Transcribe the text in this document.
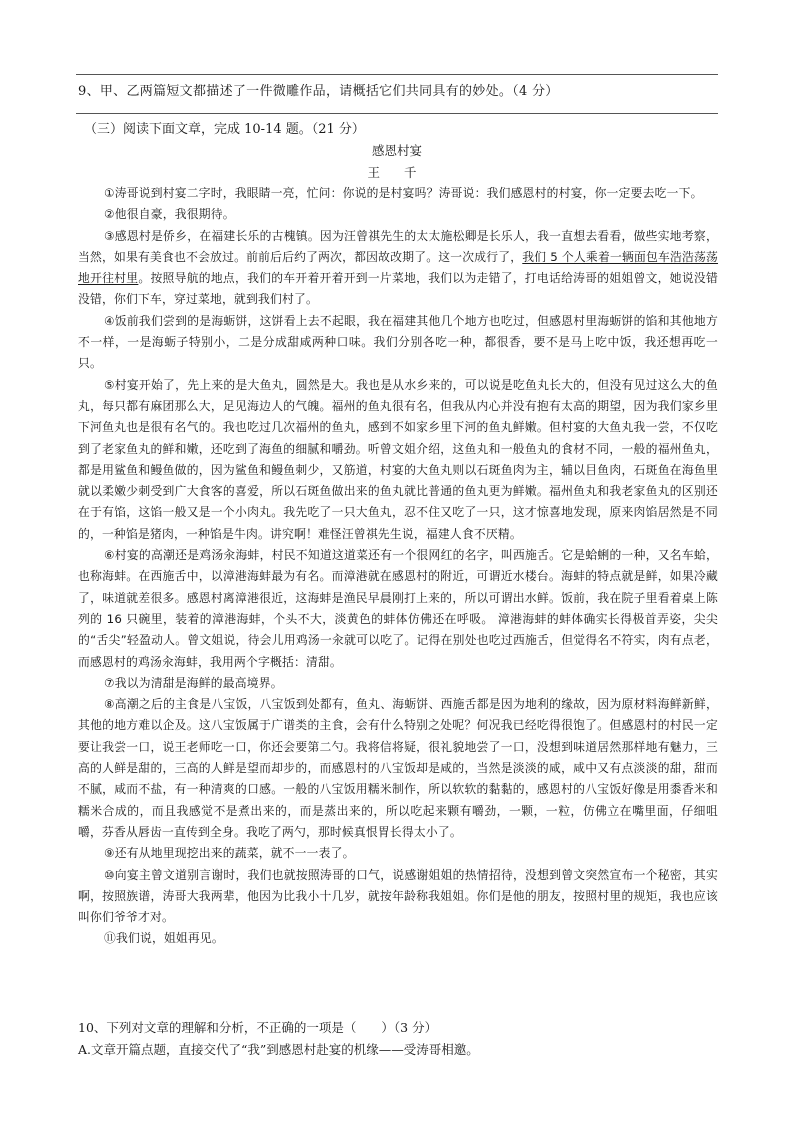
9、甲、乙两篇短文都描述了一件微雕作品，请概括它们共同具有的妙处。（4 分）
（三）阅读下面文章，完成 10-14 题。（21 分）
感恩村宴
王 千

①涛哥说到村宴二字时，我眼睛一亮，忙问：你说的是村宴吗？涛哥说：我们感恩村的村宴，你一定要去吃一下。

②他很自豪，我很期待。

③感恩村是侨乡，在福建长乐的古槐镇。因为汪曾祺先生的太太施松卿是长乐人，我一直想去看看，做些实地考察，当然，如果有美食也不会放过。前前后后约了两次，都因故改期了。这一次成行了，我们 5 个人乘着一辆面包车浩浩荡荡地开往村里。按照导航的地点，我们的车开着开着开到一片菜地，我们以为走错了，打电话给涛哥的姐姐曾文，她说没错没错，你们下车，穿过菜地，就到我们村了。

④饭前我们尝到的是海蛎饼，这饼看上去不起眼，我在福建其他几个地方也吃过，但感恩村里海蛎饼的馅和其他地方不一样，一是海蛎子特别小，二是分成甜咸两种口味。我们分别各吃一种，都很香，要不是马上吃中饭，我还想再吃一只。

⑤村宴开始了，先上来的是大鱼丸，圆然是大。我也是从水乡来的，可以说是吃鱼丸长大的，但没有见过这么大的鱼丸，每只都有麻团那么大，足见海边人的气魄。福州的鱼丸很有名，但我从内心并没有抱有太高的期望，因为我们家乡里下河鱼丸也是很有名气的。我也吃过几次福州的鱼丸，感到不如家乡里下河的鱼丸鲜嫩。但村宴的大鱼丸我一尝，不仅吃到了老家鱼丸的鲜和嫩，还吃到了海鱼的细腻和嚼劲。听曾文姐介绍，这鱼丸和一般鱼丸的食材不同，一般的福州鱼丸，都是用鲨鱼和鳗鱼做的，因为鲨鱼和鳗鱼刺少，又筋道，村宴的大鱼丸则以石斑鱼肉为主，辅以目鱼肉，石斑鱼在海鱼里就以柔嫩少刺受到广大食客的喜爱，所以石斑鱼做出来的鱼丸就比普通的鱼丸更为鲜嫩。福州鱼丸和我老家鱼丸的区别还在于有馅，这馅一般又是一个小肉丸。我先吃了一只大鱼丸，忍不住又吃了一只，这才惊喜地发现，原来肉馅居然是不同的，一种馅是猪肉，一种馅是牛肉。讲究啊！难怪汪曾祺先生说，福建人食不厌精。

⑥村宴的高潮还是鸡汤汆海蚌，村民不知道这道菜还有一个很网红的名字，叫西施舌。它是蛤蜊的一种，又名车蛤，也称海蚌。在西施舌中，以漳港海蚌最为有名。而漳港就在感恩村的附近，可谓近水楼台。海蚌的特点就是鲜，如果冷藏了，味道就差很多。感恩村离漳港很近，这海蚌是渔民早晨刚打上来的，所以可谓出水鲜。饭前，我在院子里看着桌上陈列的 16 只碗里，装着的漳港海蚌，个头不大，淡黄色的蚌体仿佛还在呼吸。 漳港海蚌的蚌体确实长得极首弄姿，尖尖的“舌尖”轻盈动人。曾文姐说，待会儿用鸡汤一汆就可以吃了。记得在别处也吃过西施舌，但觉得名不符实，肉有点老，而感恩村的鸡汤汆海蚌，我用两个字概括：清甜。

⑦我以为清甜是海鲜的最高境界。

⑧高潮之后的主食是八宝饭，八宝饭到处都有，鱼丸、海蛎饼、西施舌都是因为地利的缘故，因为原材料海鲜新鲜，其他的地方难以企及。这八宝饭属于广谱类的主食，会有什么特别之处呢？何况我已经吃得很饱了。但感恩村的村民一定要让我尝一口，说王老师吃一口，你还会要第二勺。我将信将疑，很礼貌地尝了一口，没想到味道居然那样地有魅力，三高的人鲜是甜的，三高的人鲜是望而却步的，而感恩村的八宝饭却是咸的，当然是淡淡的咸，咸中又有点淡淡的甜，甜而不腻，咸而不盐，有一种清爽的口感。一般的八宝饭用糯米制作，所以软软的黏黏的，感恩村的八宝饭好像是用黍香米和糯米合成的，而且我感觉不是煮出来的，而是蒸出来的，所以吃起来颗有嚼劲，一颗，一粒，仿佛立在嘴里面，仔细咀嚼，芬香从唇齿一直传到全身。我吃了两勺，那时候真恨胃长得太小了。

⑨还有从地里现挖出来的蔬菜，就不一一表了。

⑩向宴主曾文道别言谢时，我们也就按照涛哥的口气，说感谢姐姐的热情招待，没想到曾文突然宣布一个秘密，其实啊，按照族谱，涛哥大我两辈，他因为比我小十几岁，就按年龄称我姐姐。你们是他的朋友，按照村里的规矩，我也应该叫你们爷爷才对。

⑪我们说，姐姐再见。

10、下列对文章的理解和分析，不正确的一项是（　　）（3 分）
A.文章开篇点题，直接交代了“我”到感恩村赴宴的机缘——受涛哥相邀。
